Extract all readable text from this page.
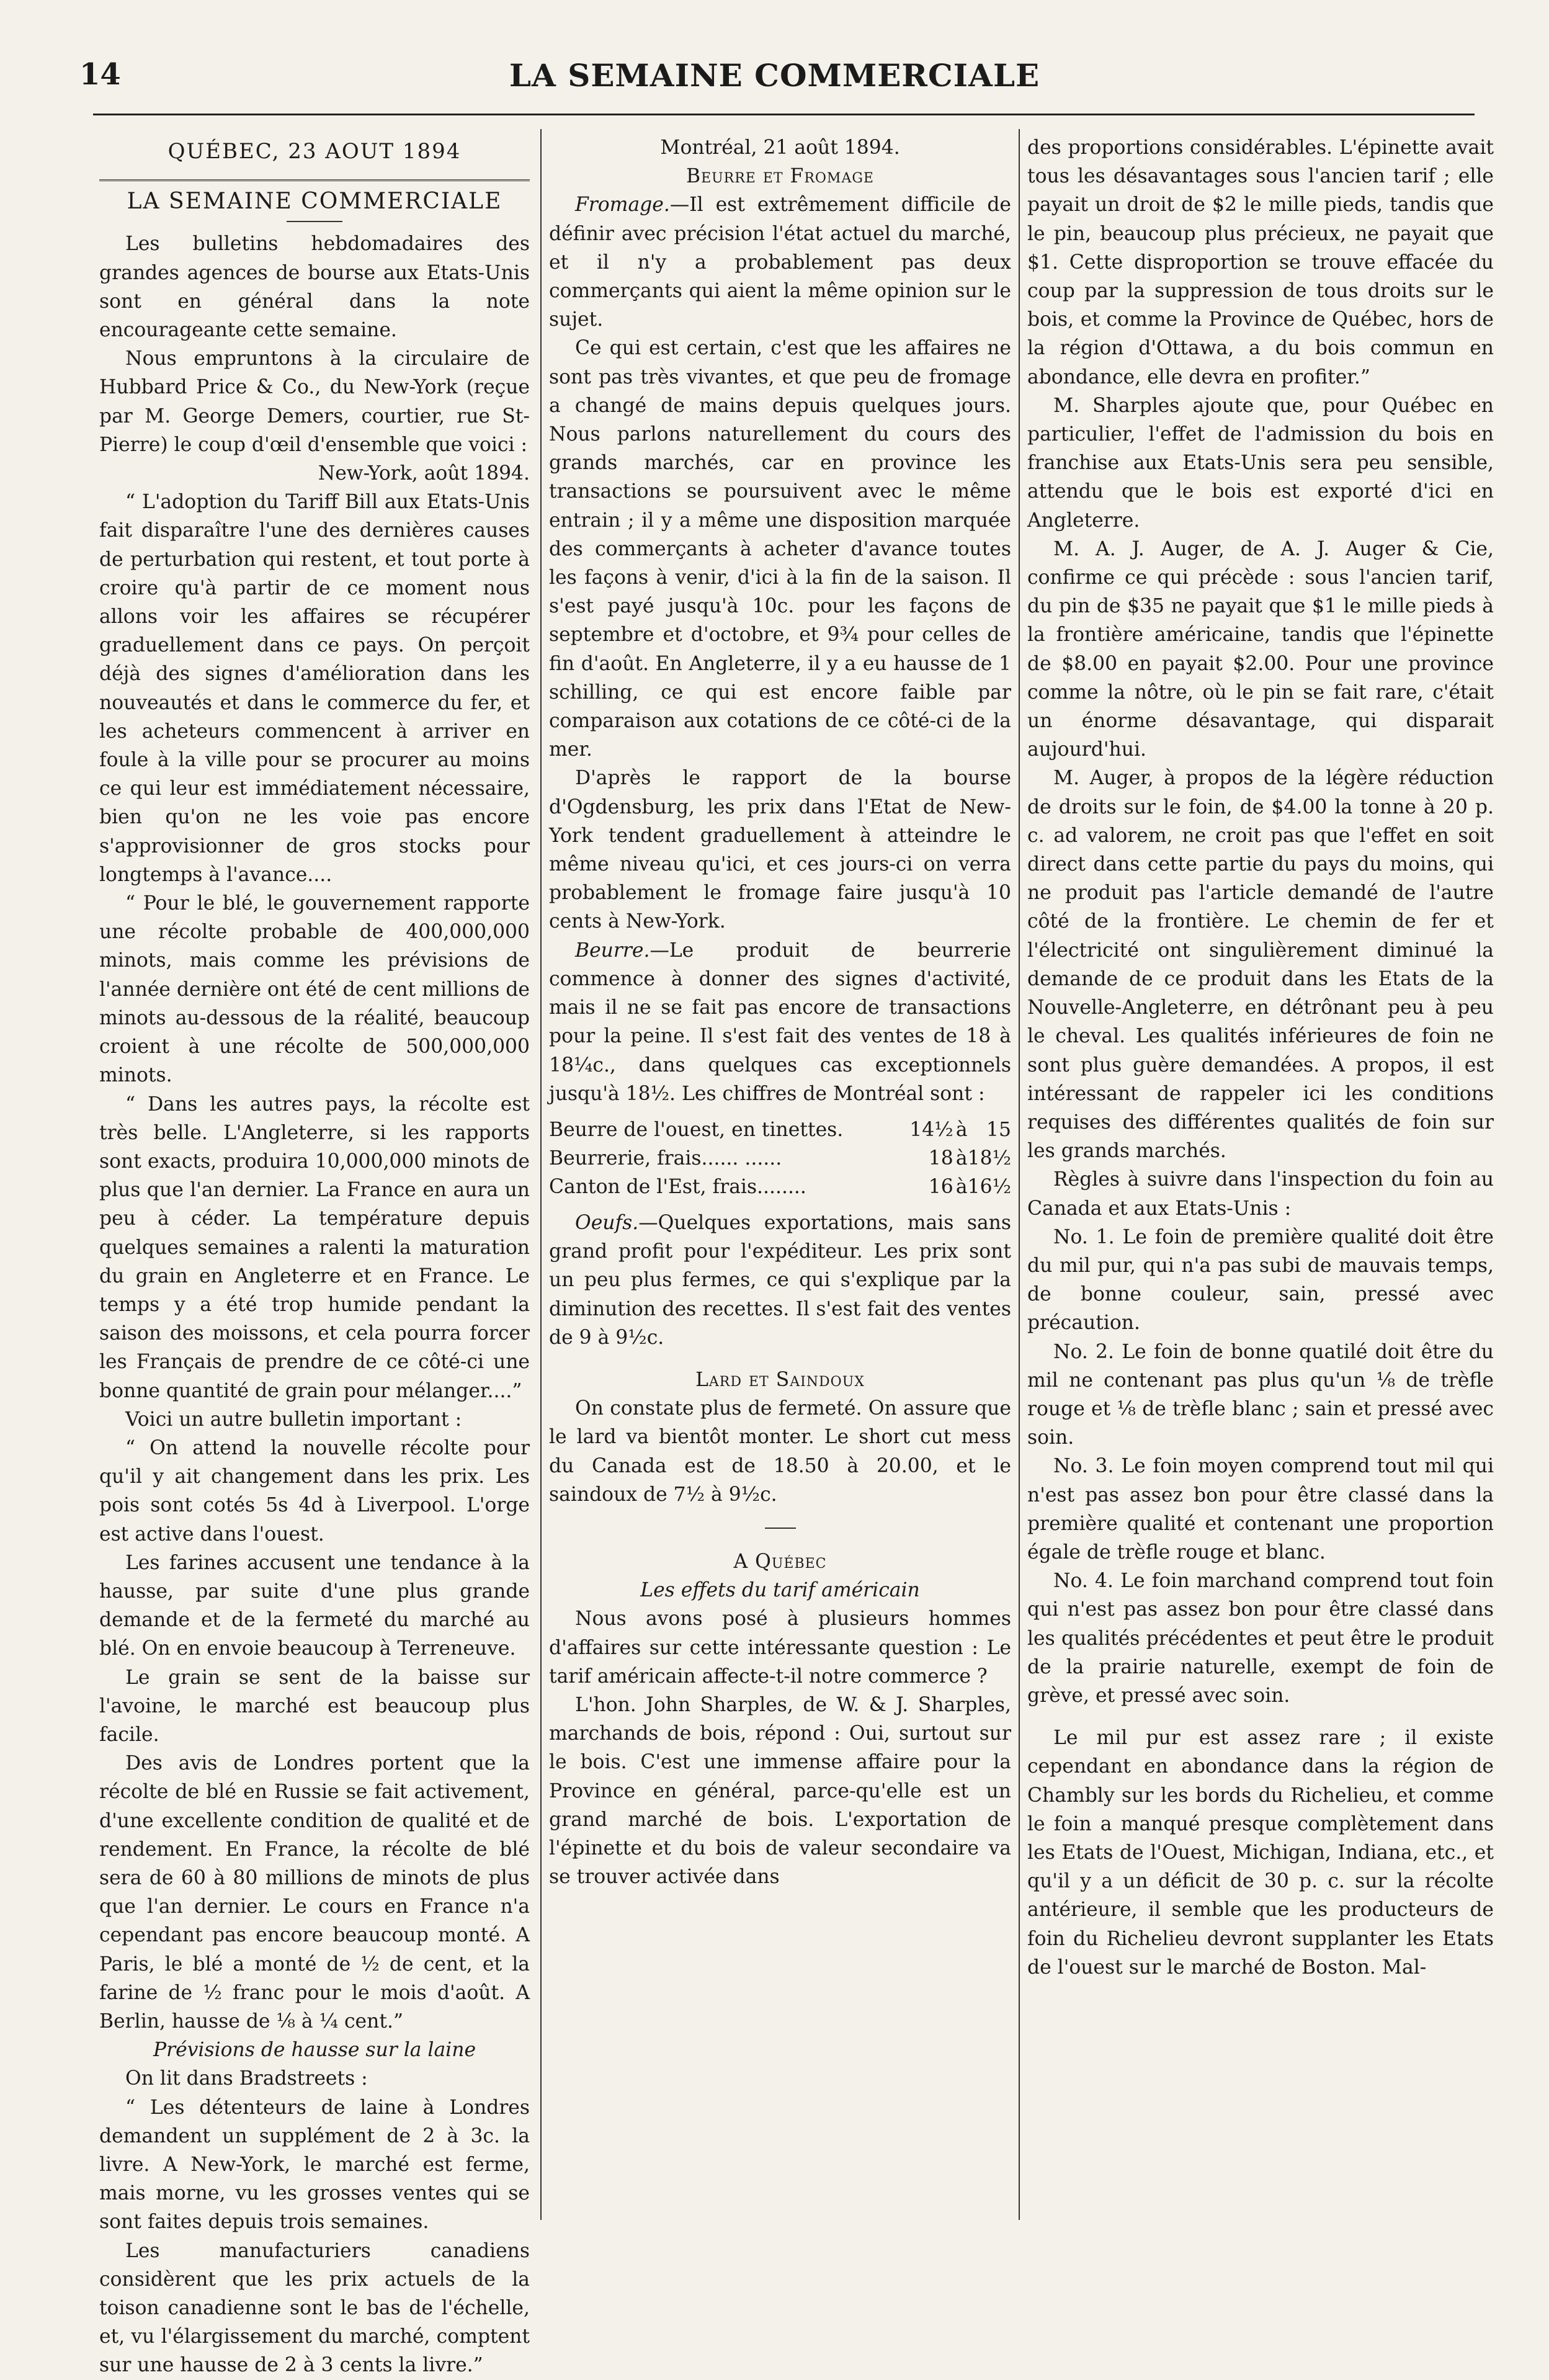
14	LA SEMAINE COMMERCIALE

QUÉBEC, 23 AOUT 1894

LA SEMAINE COMMERCIALE

Les bulletins hebdomadaires des grandes agences de bourse aux Etats-Unis sont en général dans la note encourageante cette semaine.

Nous empruntons à la circulaire de Hubbard Price & Co., du New-York (reçue par M. George Demers, courtier, rue St-Pierre) le coup d'œil d'ensemble que voici :

New-York, août 1894.

“ L'adoption du Tariff Bill aux Etats-Unis fait disparaître l'une des dernières causes de perturbation qui restent, et tout porte à croire qu'à partir de ce moment nous allons voir les affaires se récupérer graduellement dans ce pays. On perçoit déjà des signes d'amélioration dans les nouveautés et dans le commerce du fer, et les acheteurs commencent à arriver en foule à la ville pour se procurer au moins ce qui leur est immédiatement nécessaire, bien qu'on ne les voie pas encore s'approvisionner de gros stocks pour longtemps à l'avance....

“ Pour le blé, le gouvernement rapporte une récolte probable de 400,000,000 minots, mais comme les prévisions de l'année dernière ont été de cent millions de minots au-dessous de la réalité, beaucoup croient à une récolte de 500,000,000 minots.

“ Dans les autres pays, la récolte est très belle. L'Angleterre, si les rapports sont exacts, produira 10,000,000 minots de plus que l'an dernier. La France en aura un peu à céder. La température depuis quelques semaines a ralenti la maturation du grain en Angleterre et en France. Le temps y a été trop humide pendant la saison des moissons, et cela pourra forcer les Français de prendre de ce côté-ci une bonne quantité de grain pour mélanger....”

Voici un autre bulletin important :

“ On attend la nouvelle récolte pour qu'il y ait changement dans les prix. Les pois sont cotés 5s 4d à Liverpool. L'orge est active dans l'ouest.

Les farines accusent une tendance à la hausse, par suite d'une plus grande demande et de la fermeté du marché au blé. On en envoie beaucoup à Terreneuve.

Le grain se sent de la baisse sur l'avoine, le marché est beaucoup plus facile.

Des avis de Londres portent que la récolte de blé en Russie se fait activement, d'une excellente condition de qualité et de rendement. En France, la récolte de blé sera de 60 à 80 millions de minots de plus que l'an dernier. Le cours en France n'a cependant pas encore beaucoup monté. A Paris, le blé a monté de ½ de cent, et la farine de ½ franc pour le mois d'août. A Berlin, hausse de ⅛ à ¼ cent.”

Prévisions de hausse sur la laine

On lit dans Bradstreets :

“ Les détenteurs de laine à Londres demandent un supplément de 2 à 3c. la livre. A New-York, le marché est ferme, mais morne, vu les grosses ventes qui se sont faites depuis trois semaines.

Les manufacturiers canadiens considèrent que les prix actuels de la toison canadienne sont le bas de l'échelle, et, vu l'élargissement du marché, comptent sur une hausse de 2 à 3 cents la livre.”

Montréal, 21 août 1894.

Beurre et Fromage

Fromage.—Il est extrêmement difficile de définir avec précision l'état actuel du marché, et il n'y a probablement pas deux commerçants qui aient la même opinion sur le sujet.

Ce qui est certain, c'est que les affaires ne sont pas très vivantes, et que peu de fromage a changé de mains depuis quelques jours. Nous parlons naturellement du cours des grands marchés, car en province les transactions se poursuivent avec le même entrain ; il y a même une disposition marquée des commerçants à acheter d'avance toutes les façons à venir, d'ici à la fin de la saison. Il s'est payé jusqu'à 10c. pour les façons de septembre et d'octobre, et 9¾ pour celles de fin d'août. En Angleterre, il y a eu hausse de 1 schilling, ce qui est encore faible par comparaison aux cotations de ce côté-ci de la mer.

D'après le rapport de la bourse d'Ogdensburg, les prix dans l'Etat de New-York tendent graduellement à atteindre le même niveau qu'ici, et ces jours-ci on verra probablement le fromage faire jusqu'à 10 cents à New-York.

Beurre.—Le produit de beurrerie commence à donner des signes d'activité, mais il ne se fait pas encore de transactions pour la peine. Il s'est fait des ventes de 18 à 18¼c., dans quelques cas exceptionnels jusqu'à 18½. Les chiffres de Montréal sont :

Beurre de l'ouest, en tinettes.	14½	à	15
Beurrerie, frais...... ......	18	à	18½
Canton de l'Est, frais........	16	à	16½

Oeufs.—Quelques exportations, mais sans grand profit pour l'expéditeur. Les prix sont un peu plus fermes, ce qui s'explique par la diminution des recettes. Il s'est fait des ventes de 9 à 9½c.

Lard et Saindoux

On constate plus de fermeté. On assure que le lard va bientôt monter. Le short cut mess du Canada est de 18.50 à 20.00, et le saindoux de 7½ à 9½c.

A Québec

Les effets du tarif américain

Nous avons posé à plusieurs hommes d'affaires sur cette intéressante question : Le tarif américain affecte-t-il notre commerce ?

L'hon. John Sharples, de W. & J. Sharples, marchands de bois, répond : Oui, surtout sur le bois. C'est une immense affaire pour la Province en général, parce-qu'elle est un grand marché de bois. L'exportation de l'épinette et du bois de valeur secondaire va se trouver activée dans

des proportions considérables. L'épinette avait tous les désavantages sous l'ancien tarif ; elle payait un droit de $2 le mille pieds, tandis que le pin, beaucoup plus précieux, ne payait que $1. Cette disproportion se trouve effacée du coup par la suppression de tous droits sur le bois, et comme la Province de Québec, hors de la région d'Ottawa, a du bois commun en abondance, elle devra en profiter.”

M. Sharples ajoute que, pour Québec en particulier, l'effet de l'admission du bois en franchise aux Etats-Unis sera peu sensible, attendu que le bois est exporté d'ici en Angleterre.

M. A. J. Auger, de A. J. Auger & Cie, confirme ce qui précède : sous l'ancien tarif, du pin de $35 ne payait que $1 le mille pieds à la frontière américaine, tandis que l'épinette de $8.00 en payait $2.00. Pour une province comme la nôtre, où le pin se fait rare, c'était un énorme désavantage, qui disparait aujourd'hui.

M. Auger, à propos de la légère réduction de droits sur le foin, de $4.00 la tonne à 20 p. c. ad valorem, ne croit pas que l'effet en soit direct dans cette partie du pays du moins, qui ne produit pas l'article demandé de l'autre côté de la frontière. Le chemin de fer et l'électricité ont singulièrement diminué la demande de ce produit dans les Etats de la Nouvelle-Angleterre, en détrônant peu à peu le cheval. Les qualités inférieures de foin ne sont plus guère demandées. A propos, il est intéressant de rappeler ici les conditions requises des différentes qualités de foin sur les grands marchés.

Règles à suivre dans l'inspection du foin au Canada et aux Etats-Unis :

No. 1. Le foin de première qualité doit être du mil pur, qui n'a pas subi de mauvais temps, de bonne couleur, sain, pressé avec précaution.

No. 2. Le foin de bonne quatilé doit être du mil ne contenant pas plus qu'un ⅛ de trèfle rouge et ⅛ de trèfle blanc ; sain et pressé avec soin.

No. 3. Le foin moyen comprend tout mil qui n'est pas assez bon pour être classé dans la première qualité et contenant une proportion égale de trèfle rouge et blanc.

No. 4. Le foin marchand comprend tout foin qui n'est pas assez bon pour être classé dans les qualités précédentes et peut être le produit de la prairie naturelle, exempt de foin de grève, et pressé avec soin.

Le mil pur est assez rare ; il existe cependant en abondance dans la région de Chambly sur les bords du Richelieu, et comme le foin a manqué presque complètement dans les Etats de l'Ouest, Michigan, Indiana, etc., et qu'il y a un déficit de 30 p. c. sur la récolte antérieure, il semble que les producteurs de foin du Richelieu devront supplanter les Etats de l'ouest sur le marché de Boston. Mal-
